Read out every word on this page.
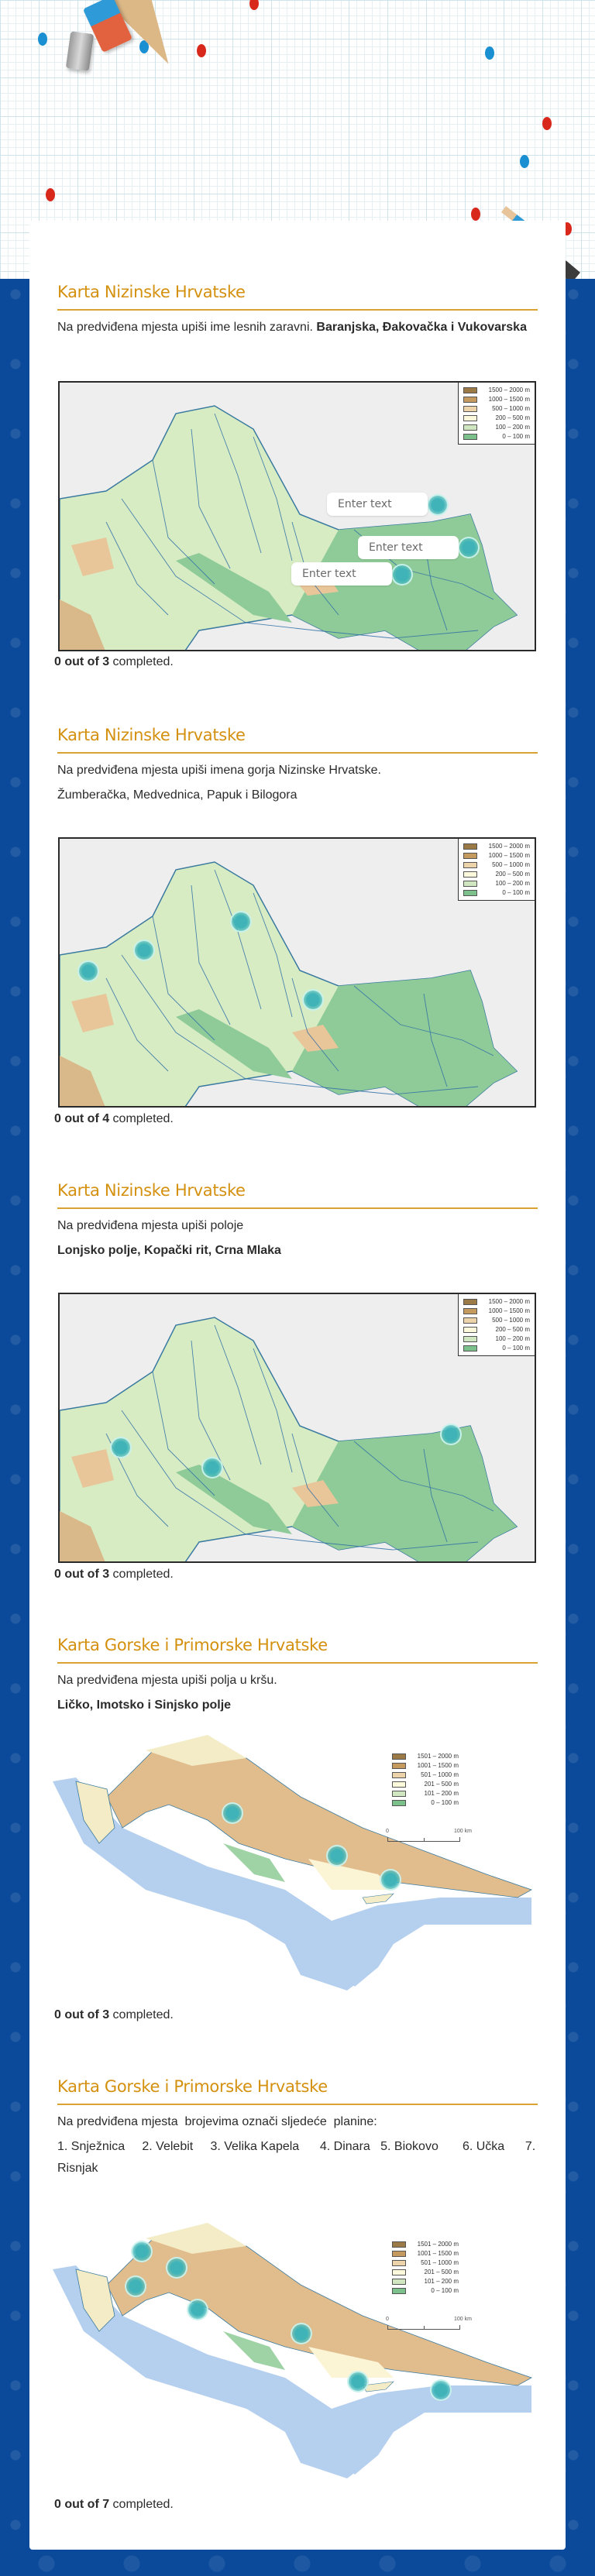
Karta Nizinske Hrvatske

Na predviđena mjesta upiši ime lesnih zaravni. Baranjska, Đakovačka i Vukovarska

1500 – 2000 m
1000 – 1500 m
500 – 1000 m
200 – 500 m
100 – 200 m
0 – 100 m
Enter text
Enter text
Enter text
0 out of 3 completed.
Karta Nizinske Hrvatske

Na predviđena mjesta upiši imena gorja Nizinske Hrvatske.

Žumberačka, Medvednica, Papuk i Bilogora

1500 – 2000 m
1000 – 1500 m
500 – 1000 m
200 – 500 m
100 – 200 m
0 – 100 m
0 out of 4 completed.
Karta Nizinske Hrvatske

Na predviđena mjesta upiši poloje

Lonjsko polje, Kopački rit, Crna Mlaka

1500 – 2000 m
1000 – 1500 m
500 – 1000 m
200 – 500 m
100 – 200 m
0 – 100 m
0 out of 3 completed.
Karta Gorske i Primorske Hrvatske

Na predviđena mjesta upiši polja u kršu.

Ličko, Imotsko i Sinjsko polje

1501 – 2000 m
1001 – 1500 m
501 – 1000 m
201 – 500 m
101 – 200 m
0 – 100 m
0	100 km
0 out of 3 completed.
Karta Gorske i Primorske Hrvatske

Na predviđena mjesta  brojevima označi sljedeće  planine:

1. Snježnica     2. Velebit     3. Velika Kapela      4. Dinara   5. Biokovo       6. Učka      7. Risnjak

1501 – 2000 m
1001 – 1500 m
501 – 1000 m
201 – 500 m
101 – 200 m
0 – 100 m
0	100 km
0 out of 7 completed.
